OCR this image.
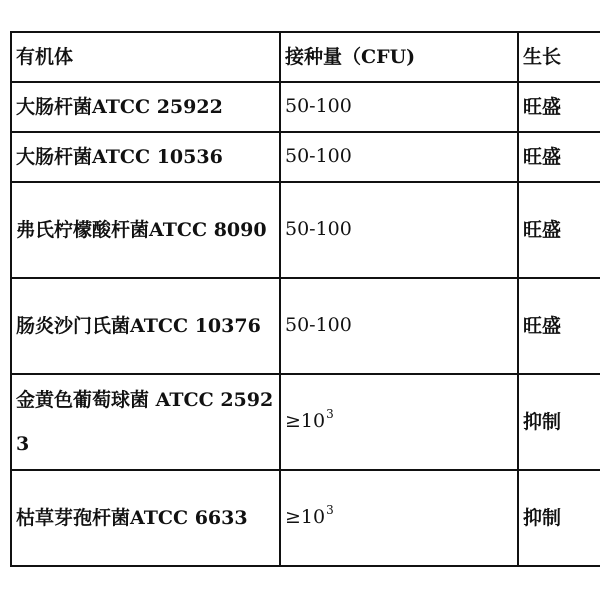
有机体	接种量（CFU)	生长
大肠杆菌ATCC 25922	50-100	旺盛
大肠杆菌ATCC 10536	50-100	旺盛
弗氏柠檬酸杆菌ATCC 8090	50-100	旺盛
肠炎沙门氏菌ATCC 10376	50-100	旺盛
金黄色葡萄球菌 ATCC 25923	$\ge 10^3$	抑制
枯草芽孢杆菌ATCC 6633	$\ge 10^3$	抑制
